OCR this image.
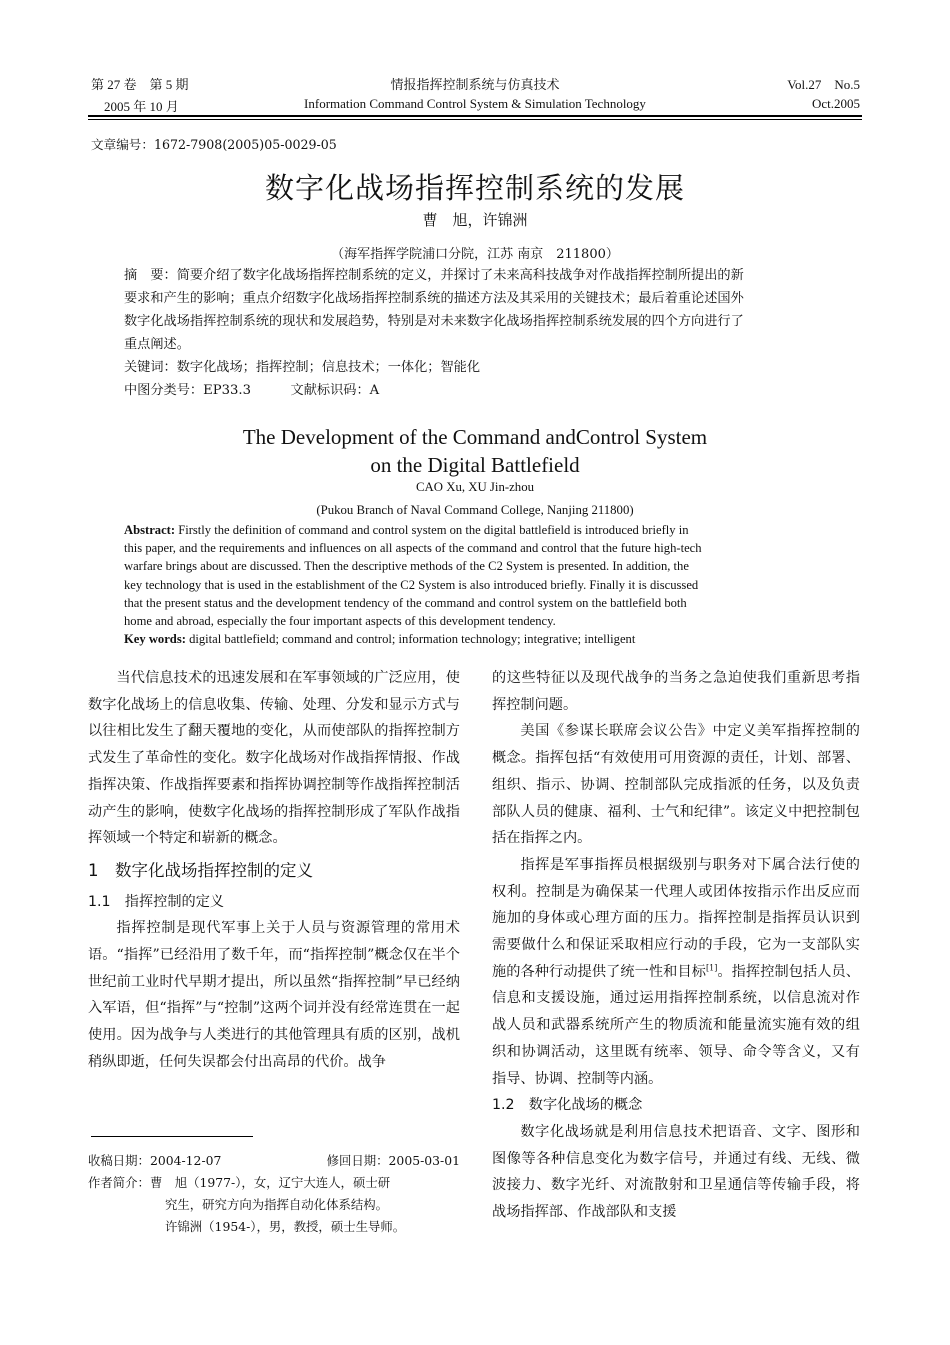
第 27 卷　第 5 期
2005 年 10 月
情报指挥控制系统与仿真技术
Information Command Control System & Simulation Technology
Vol.27　No.5
Oct.2005
文章编号：1672-7908(2005)05-0029-05
数字化战场指挥控制系统的发展
曹　旭，许锦洲
（海军指挥学院浦口分院，江苏 南京　211800）
摘　要：简要介绍了数字化战场指挥控制系统的定义，并探讨了未来高科技战争对作战指挥控制所提出的新
要求和产生的影响；重点介绍数字化战场指挥控制系统的描述方法及其采用的关键技术；最后着重论述国外
数字化战场指挥控制系统的现状和发展趋势，特别是对未来数字化战场指挥控制系统发展的四个方向进行了
重点阐述。
关键词：数字化战场；指挥控制；信息技术；一体化；智能化
中图分类号：EP33.3　　　文献标识码：A
The Development of the Command andControl System
on the Digital Battlefield
CAO Xu, XU Jin-zhou
(Pukou Branch of Naval Command College, Nanjing 211800)
Abstract: Firstly the definition of command and control system on the digital battlefield is introduced briefly in
this paper, and the requirements and influences on all aspects of the command and control that the future high-tech
warfare brings about are discussed. Then the descriptive methods of the C2 System is presented. In addition, the
key technology that is used in the establishment of the C2 System is also introduced briefly. Finally it is discussed
that the present status and the development tendency of the command and control system on the battlefield both
home and abroad, especially the four important aspects of this development tendency.
Key words: digital battlefield; command and control; information technology; integrative; intelligent

当代信息技术的迅速发展和在军事领域的广泛应用，使数字化战场上的信息收集、传输、处理、分发和显示方式与以往相比发生了翻天覆地的变化，从而使部队的指挥控制方式发生了革命性的变化。数字化战场对作战指挥情报、作战指挥决策、作战指挥要素和指挥协调控制等作战指挥控制活动产生的影响，使数字化战场的指挥控制形成了军队作战指挥领域一个特定和崭新的概念。

1　数字化战场指挥控制的定义
1.1　指挥控制的定义

指挥控制是现代军事上关于人员与资源管理的常用术语。“指挥”已经沿用了数千年，而“指挥控制”概念仅在半个世纪前工业时代早期才提出，所以虽然“指挥控制”早已经纳入军语，但“指挥”与“控制”这两个词并没有经常连贯在一起使用。因为战争与人类进行的其他管理具有质的区别，战机稍纵即逝，任何失误都会付出高昂的代价。战争

收稿日期：2004-12-07	修回日期：2005-03-01
作者简介：曹　旭（1977-），女，辽宁大连人，硕士研
究生，研究方向为指挥自动化体系结构。
许锦洲（1954-），男，教授，硕士生导师。

的这些特征以及现代战争的当务之急迫使我们重新思考指挥控制问题。

美国《参谋长联席会议公告》中定义美军指挥控制的概念。指挥包括“有效使用可用资源的责任，计划、部署、组织、指示、协调、控制部队完成指派的任务，以及负责部队人员的健康、福利、士气和纪律”。该定义中把控制包括在指挥之内。

指挥是军事指挥员根据级别与职务对下属合法行使的权利。控制是为确保某一代理人或团体按指示作出反应而施加的身体或心理方面的压力。指挥控制是指挥员认识到需要做什么和保证采取相应行动的手段，它为一支部队实施的各种行动提供了统一性和目标[1]。指挥控制包括人员、信息和支援设施，通过运用指挥控制系统，以信息流对作战人员和武器系统所产生的物质流和能量流实施有效的组织和协调活动，这里既有统率、领导、命令等含义，又有指导、协调、控制等内涵。

1.2　数字化战场的概念

数字化战场就是利用信息技术把语音、文字、图形和图像等各种信息变化为数字信号，并通过有线、无线、微波接力、数字光纤、对流散射和卫星通信等传输手段，将战场指挥部、作战部队和支援
